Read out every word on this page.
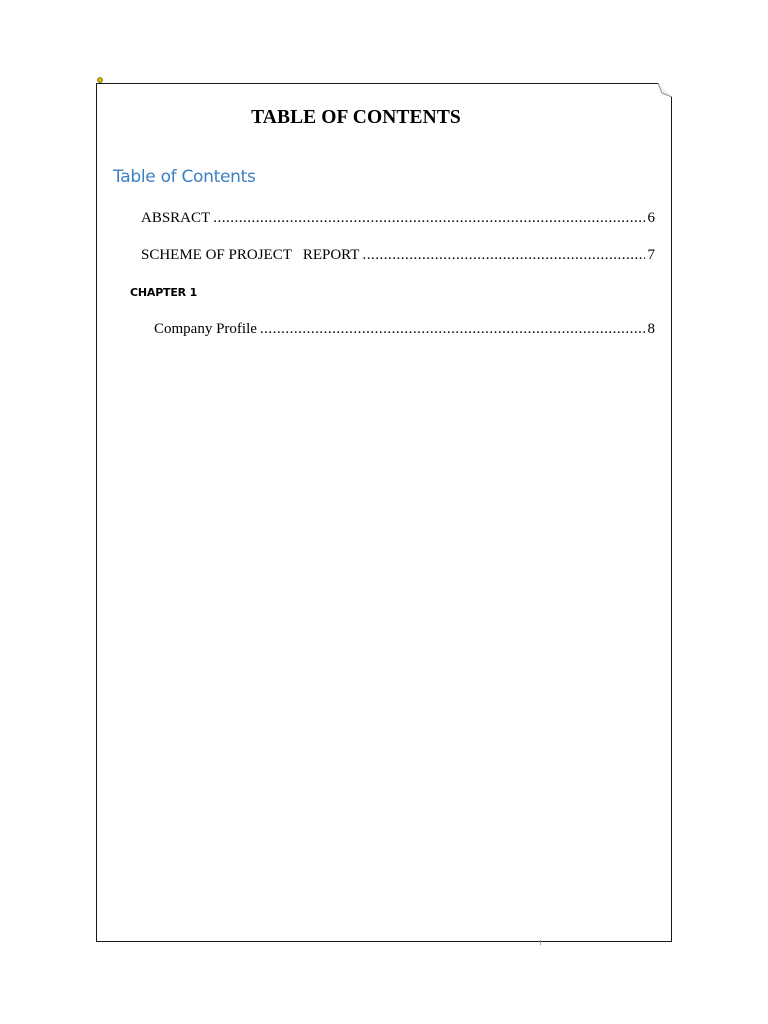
TABLE OF CONTENTS
Table of Contents
ABSRACT .....	6
SCHEME OF PROJECT   REPORT .....	7
CHAPTER 1
Company Profile .....	8
